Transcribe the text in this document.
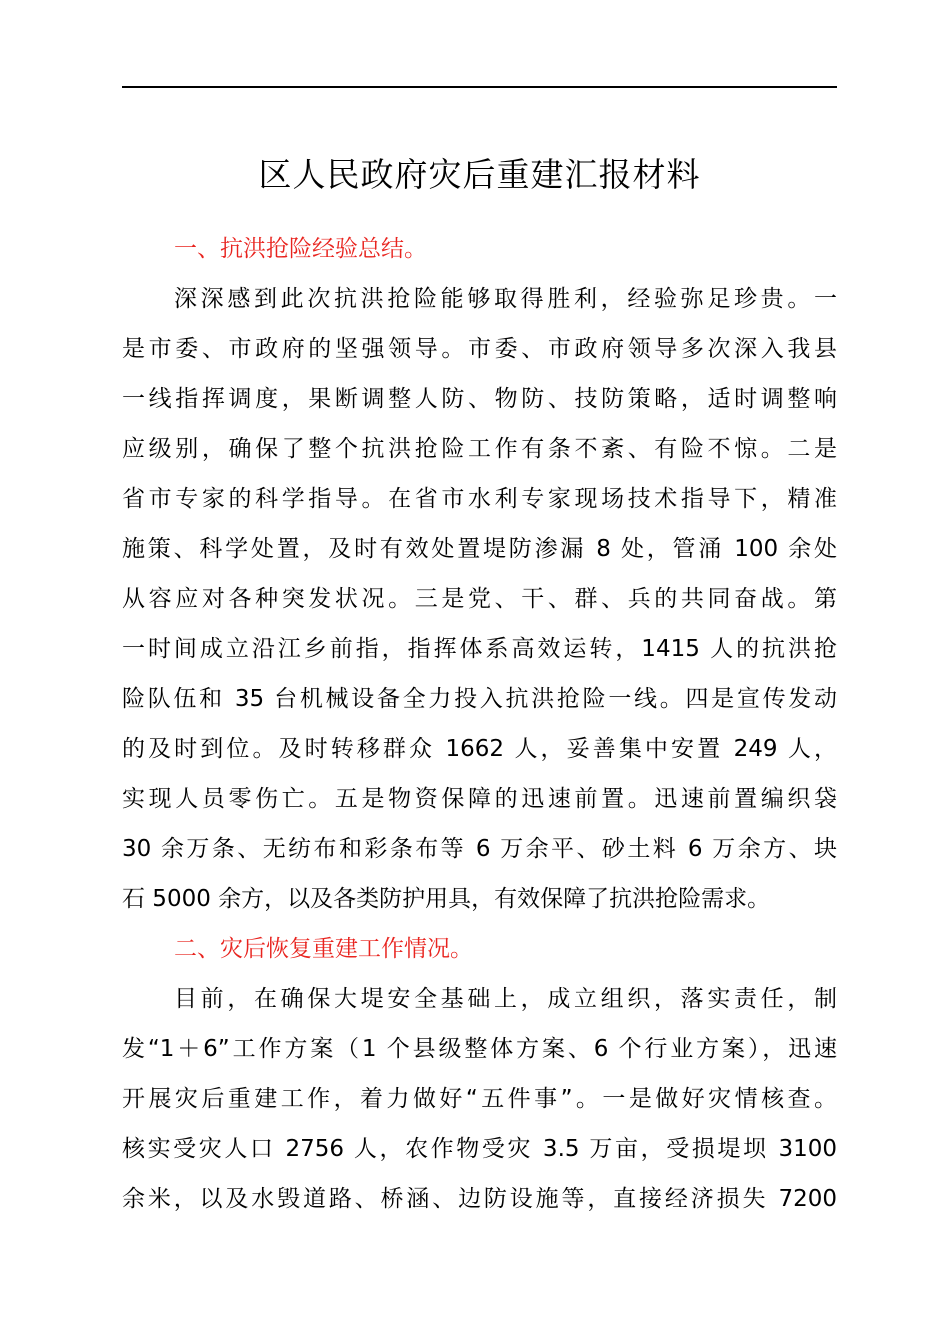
区人民政府灾后重建汇报材料
一、抗洪抢险经验总结。
深深感到此次抗洪抢险能够取得胜利，经验弥足珍贵。一
是市委、市政府的坚强领导。市委、市政府领导多次深入我县
一线指挥调度，果断调整人防、物防、技防策略，适时调整响
应级别，确保了整个抗洪抢险工作有条不紊、有险不惊。二是
省市专家的科学指导。在省市水利专家现场技术指导下，精准
施策、科学处置，及时有效处置堤防渗漏 8 处，管涌 100 余处
从容应对各种突发状况。三是党、干、群、兵的共同奋战。第
一时间成立沿江乡前指，指挥体系高效运转，1415 人的抗洪抢
险队伍和 35 台机械设备全力投入抗洪抢险一线。四是宣传发动
的及时到位。及时转移群众 1662 人，妥善集中安置 249 人，
实现人员零伤亡。五是物资保障的迅速前置。迅速前置编织袋
30 余万条、无纺布和彩条布等 6 万余平、砂土料 6 万余方、块
石 5000 余方，以及各类防护用具，有效保障了抗洪抢险需求。
二、灾后恢复重建工作情况。
目前，在确保大堤安全基础上，成立组织，落实责任，制
发“1＋6”工作方案（1 个县级整体方案、6 个行业方案），迅速
开展灾后重建工作，着力做好“五件事”。一是做好灾情核查。
核实受灾人口 2756 人，农作物受灾 3.5 万亩，受损堤坝 3100
余米，以及水毁道路、桥涵、边防设施等，直接经济损失 7200
